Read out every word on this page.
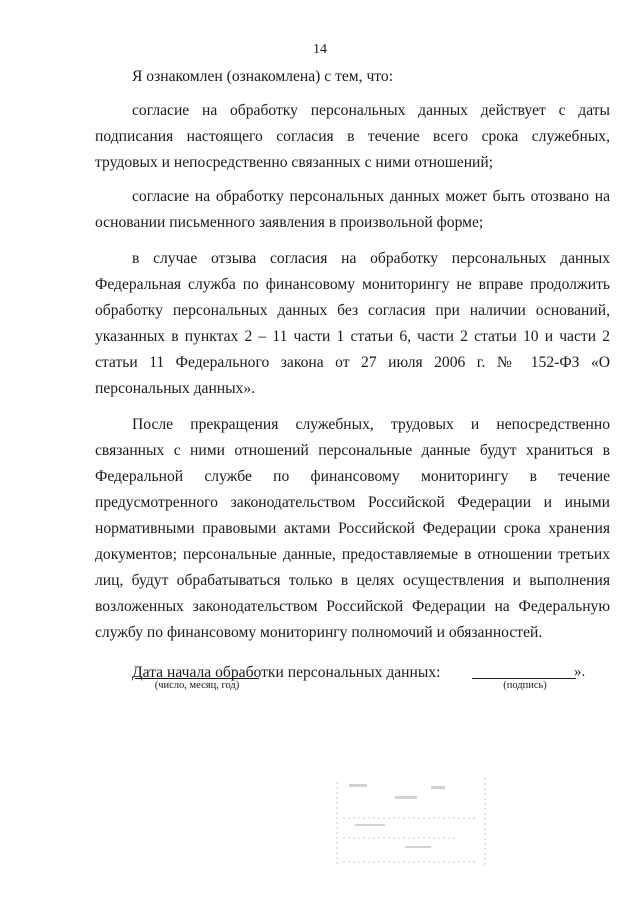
14

Я ознакомлен (ознакомлена) с тем, что:

согласие на обработку персональных данных действует с даты подписания настоящего согласия в течение всего срока служебных, трудовых и непосредственно связанных с ними отношений;

согласие на обработку персональных данных может быть отозвано на основании письменного заявления в произвольной форме;

в случае отзыва согласия на обработку персональных данных Федеральная служба по финансовому мониторингу не вправе продолжить обработку персональных данных без согласия при наличии оснований, указанных в пунктах 2 – 11 части 1 статьи 6, части 2 статьи 10 и части 2 статьи 11 Федерального закона от 27 июля 2006 г. № 152-ФЗ «О персональных данных».

После прекращения служебных, трудовых и непосредственно связанных с ними отношений персональные данные будут храниться в Федеральной службе по финансовому мониторингу в течение предусмотренного законодательством Российской Федерации и иными нормативными правовыми актами Российской Федерации срока хранения документов; персональные данные, предоставляемые в отношении третьих лиц, будут обрабатываться только в целях осуществления и выполнения возложенных законодательством Российской Федерации на Федеральную службу по финансовому мониторингу полномочий и обязанностей.

Дата начала обработки персональных данных:

(число, месяц, год)
».
(подпись)
